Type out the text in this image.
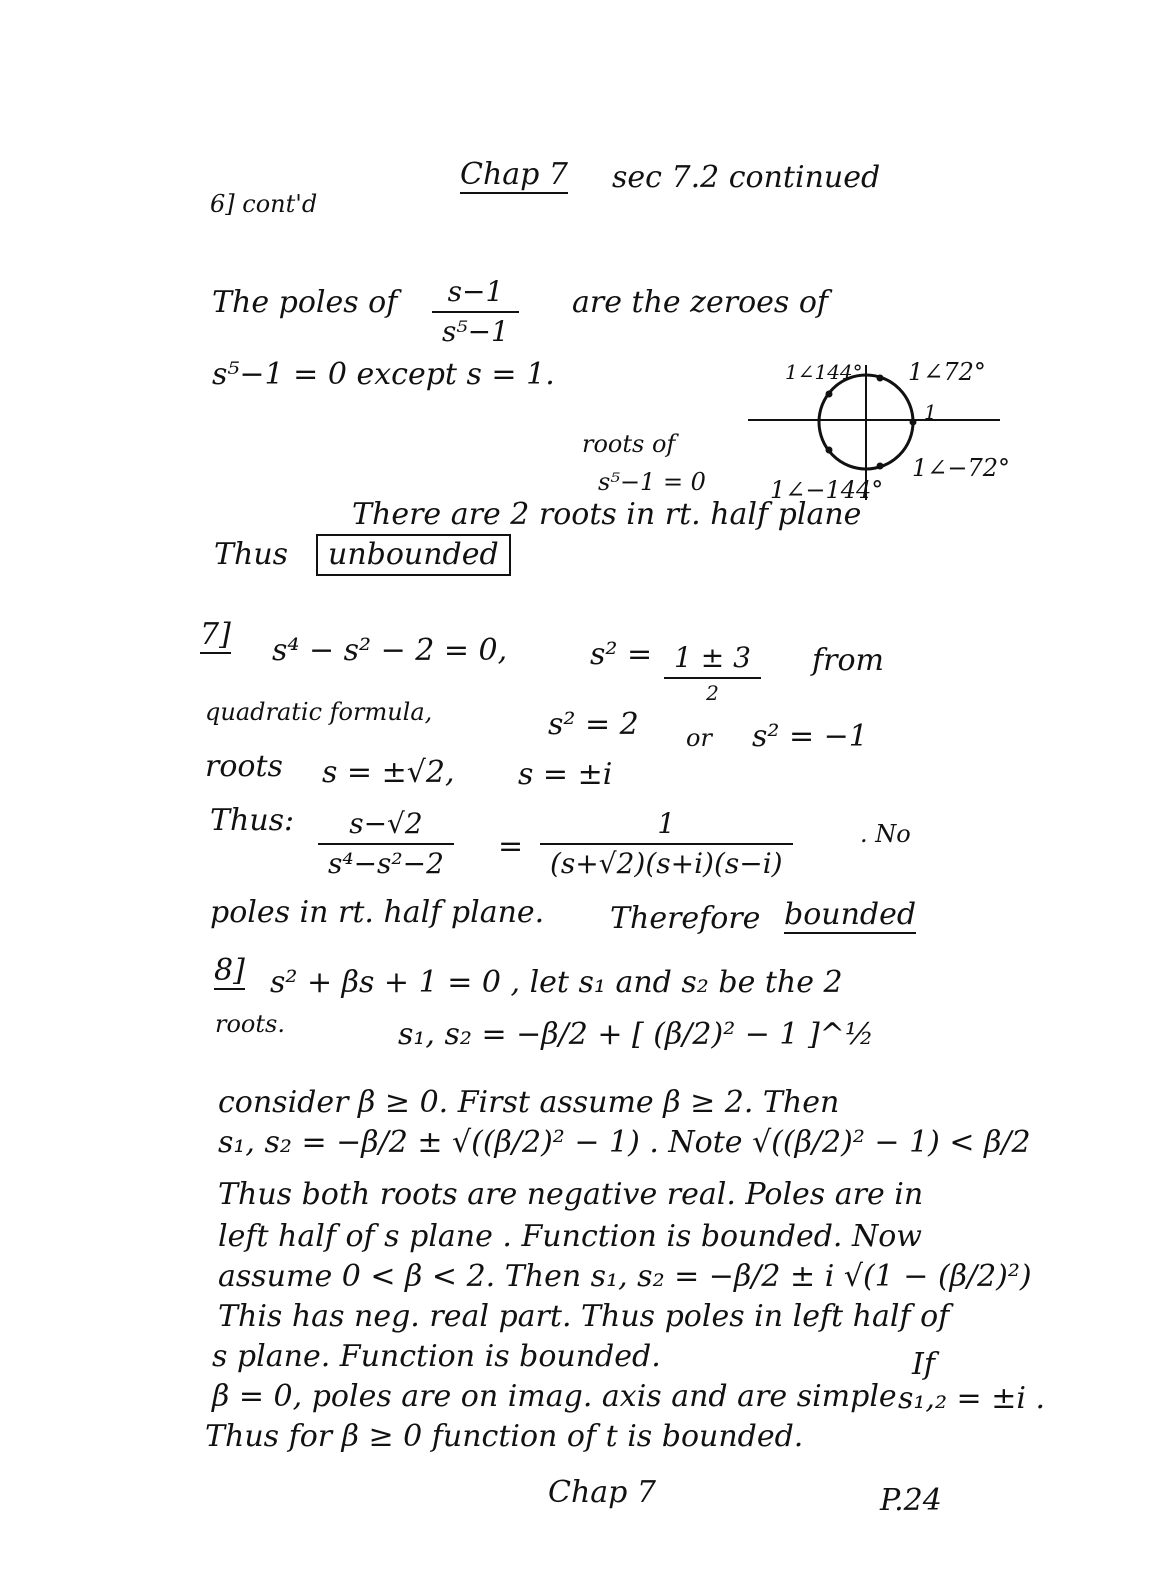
6] cont'd
Chap 7 sec 7.2 continued
The poles of	s−1
s⁵−1
are the zeroes of
s⁵−1 = 0 except s = 1.
roots of
s⁵−1 = 0
1∠144° 1∠72°
1
1∠−72°
1∠−144°
There are 2 roots in rt. half plane
Thus	unbounded
7] s⁴ − s² − 2 = 0,	s² = 1 ± 3
2
from
quadratic formula,	s² = 2 or s² = −1
roots s = ±√2, s = ±i
Thus:	s−√2
s⁴−s²−2	=
1
(s+√2)(s+i)(s−i)
. No
poles in rt. half plane. Therefore bounded
8] s² + βs + 1 = 0 , let s₁ and s₂ be the 2
roots.	s₁, s₂ = −β/2 + [ (β/2)² − 1 ]^½
consider β ≥ 0. First assume β ≥ 2. Then
s₁, s₂ = −β/2 ± √((β/2)² − 1) . Note √((β/2)² − 1) < β/2
Thus both roots are negative real. Poles are in
left half of s plane . Function is bounded. Now
assume 0 < β < 2. Then s₁, s₂ = −β/2 ± i √(1 − (β/2)²)
This has neg. real part. Thus poles in left half of
s plane. Function is bounded.	If
β = 0, poles are on imag. axis and are simple s₁,₂ = ±i .
Thus for β ≥ 0 function of t is bounded.
Chap 7	P.24
